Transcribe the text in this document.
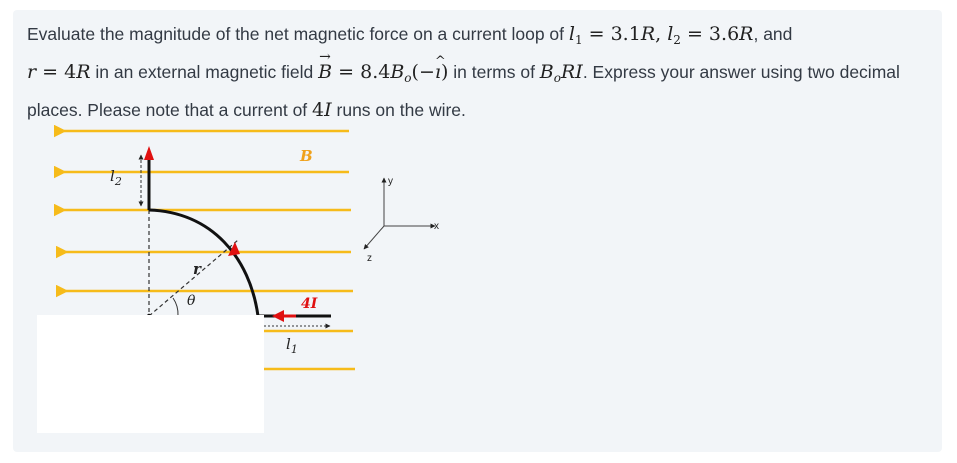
Evaluate the magnitude of the net magnetic force on a current loop of $l_1 = 3.1R$, $l_2 = 3.6R$, and
r = 4R in an external magnetic field → $B = 8.4B_o(-\^{}$ ı) in terms of $B_oRI$. Express your answer using two decimal places. Please note that a current of 4I runs on the wire.
B
$l_2$
r
θ	4I
$l_1$
y
x
z
